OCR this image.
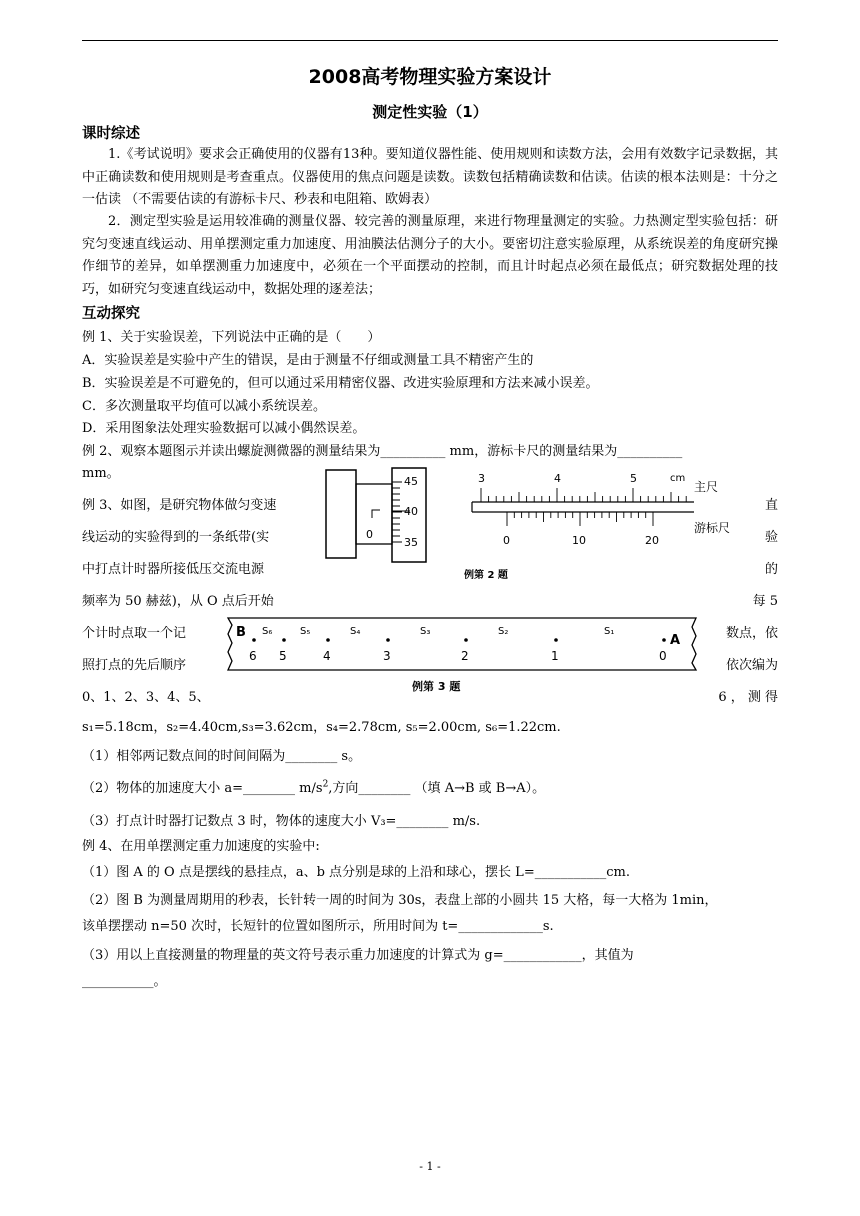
2008高考物理实验方案设计
测定性实验（1）
课时综述
1.《考试说明》要求会正确使用的仪器有13种。要知道仪器性能、使用规则和读数方法，会用有效数字记录数据，其中正确读数和使用规则是考查重点。仪器使用的焦点问题是读数。读数包括精确读数和估读。估读的根本法则是：十分之一估读 （不需要估读的有游标卡尺、秒表和电阻箱、欧姆表）
2．测定型实验是运用较准确的测量仪器、较完善的测量原理，来进行物理量测定的实验。力热测定型实验包括：研究匀变速直线运动、用单摆测定重力加速度、用油膜法估测分子的大小。要密切注意实验原理，从系统误差的角度研究操作细节的差异，如单摆测重力加速度中，必须在一个平面摆动的控制，而且计时起点必须在最低点；研究数据处理的技巧，如研究匀变速直线运动中，数据处理的逐差法；
互动探究
例 1、关于实验误差，下列说法中正确的是（　　）
A．实验误差是实验中产生的错误，是由于测量不仔细或测量工具不精密产生的
B．实验误差是不可避免的，但可以通过采用精密仪器、改进实验原理和方法来减小误差。
C．多次测量取平均值可以减小系统误差。
D．采用图象法处理实验数据可以减小偶然误差。
例 2、观察本题图示并读出螺旋测微器的测量结果为__________ mm，游标卡尺的测量结果为__________
mm。
0
45
40
35
3	4	5	cm
主尺
0	10	20
游标尺
例第 2 题
例 3、如图，是研究物体做匀变速	直
线运动的实验得到的一条纸带(实	验
中打点计时器所接低压交流电源	的
频率为 50 赫兹)，从 O 点后开始	每 5
个计时点取一个记	数点，依
照打点的先后顺序	依次编为
0、1、2、3、4、5、	6 ， 测 得
B S₆	S₅	S₄	S₃	S₂	S₁
A
6 5	4	3	2	1	0
例第 3 题
s₁=5.18cm，s₂=4.40cm,s₃=3.62cm，s₄=2.78cm, s₅=2.00cm, s₆=1.22cm.
（1）相邻两记数点间的时间间隔为________ s。
（2）物体的加速度大小 a=________ $m/s^2$,方向________ （填 A→B 或 B→A）。
（3）打点计时器打记数点 3 时，物体的速度大小 V₃=________ m/s.
例 4、在用单摆测定重力加速度的实验中:
（1）图 A 的 O 点是摆线的悬挂点，a、b 点分别是球的上沿和球心，摆长 L=___________cm.
（2）图 B 为测量周期用的秒表，长针转一周的时间为 30s，表盘上部的小圆共 15 大格，每一大格为 1min，
该单摆摆动 n=50 次时，长短针的位置如图所示，所用时间为 t=_____________s.
（3）用以上直接测量的物理量的英文符号表示重力加速度的计算式为 g=____________，其值为
___________。
- 1 -
